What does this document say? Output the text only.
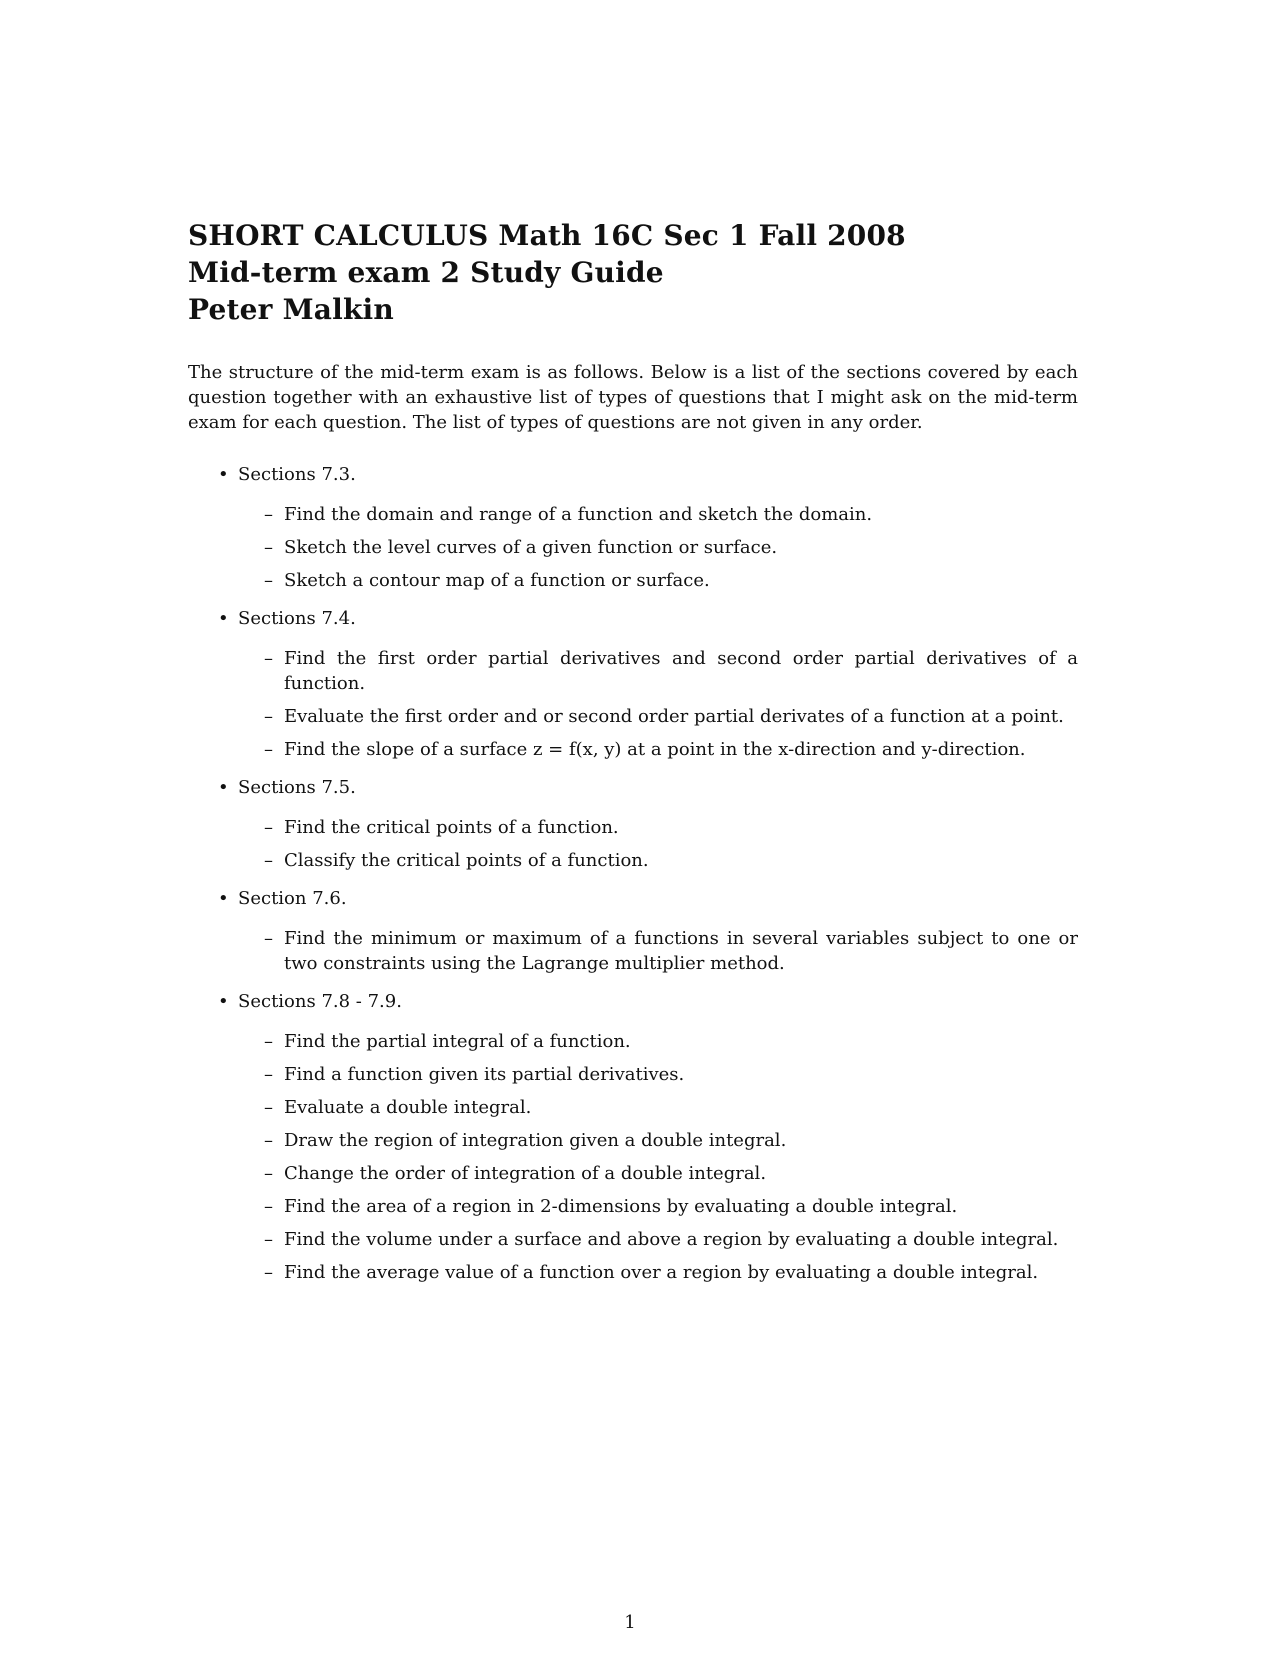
SHORT CALCULUS Math 16C Sec 1 Fall 2008
Mid-term exam 2 Study Guide
Peter Malkin
The structure of the mid-term exam is as follows. Below is a list of the sections covered by each question together with an exhaustive list of types of questions that I might ask on the mid-term exam for each question. The list of types of questions are not given in any order.
• Sections 7.3.
– Find the domain and range of a function and sketch the domain.
– Sketch the level curves of a given function or surface.
– Sketch a contour map of a function or surface.
• Sections 7.4.
– Find the first order partial derivatives and second order partial derivatives of a function.
– Evaluate the first order and or second order partial derivates of a function at a point.
– Find the slope of a surface z = f(x, y) at a point in the x-direction and y-direction.
• Sections 7.5.
– Find the critical points of a function.
– Classify the critical points of a function.
• Section 7.6.
– Find the minimum or maximum of a functions in several variables subject to one or two constraints using the Lagrange multiplier method.
• Sections 7.8 - 7.9.
– Find the partial integral of a function.
– Find a function given its partial derivatives.
– Evaluate a double integral.
– Draw the region of integration given a double integral.
– Change the order of integration of a double integral.
– Find the area of a region in 2-dimensions by evaluating a double integral.
– Find the volume under a surface and above a region by evaluating a double integral.
– Find the average value of a function over a region by evaluating a double integral.
1
